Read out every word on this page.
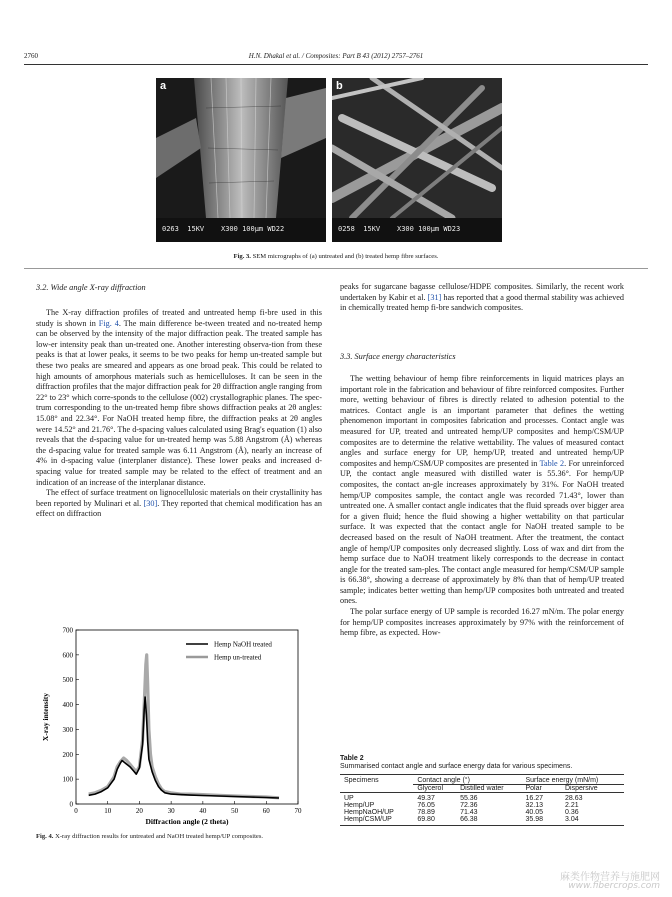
2760	H.N. Dhakal et al. / Composites: Part B 43 (2012) 2757–2761
a
0263  15KV    X300 100μm WD22
b
0258  15KV    X300 100μm WD23
Fig. 3. SEM micrographs of (a) untreated and (b) treated hemp fibre surfaces.
3.2. Wide angle X-ray diffraction

The X-ray diffraction profiles of treated and untreated hemp fi-bre used in this study is shown in Fig. 4. The main difference be-tween treated and no-treated hemp can be observed by the intensity of the major diffraction peak. The treated sample has low-er intensity peak than un-treated one. Another interesting observa-tion from these peaks is that at lower peaks, it seems to be two peaks for hemp un-treated sample but these two peaks are smeared and appears as one broad peak. This could be related to high amounts of amorphous materials such as hemicelluloses. It can be seen in the diffraction profiles that the major diffraction peak for 2θ diffraction angle ranging from 22° to 23° which corre-sponds to the cellulose (002) crystallographic planes. The spec-trum corresponding to the un-treated hemp fibre shows diffraction peaks at 2θ angles: 15.08° and 22.34°. For NaOH treated hemp fibre, the diffraction peaks at 2θ angles were 14.52° and 21.76°. The d-spacing values calculated using Brag's equation (1) also reveals that the d-spacing value for un-treated hemp was 5.88 Angstrom (Å) whereas the d-spacing value for treated sample was 6.11 Angstrom (Å), nearly an increase of 4% in d-spacing value (interplaner distance). These lower peaks and increased d-spacing value for treated sample may be related to the effect of treatment and an indication of an increase of the interplanar distance.

The effect of surface treatment on lignocellulosic materials on their crystallinity has been reported by Mulinari et al. [30]. They reported that chemical modification has an effect on diffraction

0	10	20	30	40	50	60	70
0
100
200
300
400
500
600
700
Diffraction angle (2 theta)
X-ray intensity
Hemp NaOH treated
Hemp un-treated
Fig. 4. X-ray diffraction results for untreated and NaOH treated hemp/UP composites.

peaks for sugarcane bagasse cellulose/HDPE composites. Similarly, the recent work undertaken by Kabir et al. [31] has reported that a good thermal stability was achieved in chemically treated hemp fi-bre sandwich composites.

3.3. Surface energy characteristics

The wetting behaviour of hemp fibre reinforcements in liquid matrices plays an important role in the fabrication and behaviour of fibre reinforced composites. Further more, wetting behaviour of fibres is directly related to adhesion potential to the matrices. Contact angle is an important parameter that defines the wetting phenomenon important in composites fabrication and processes. Contact angle was measured for UP, treated and untreated hemp/UP composites and hemp/CSM/UP composites are to determine the relative wettability. The values of measured contact angles and surface energy for UP, hemp/UP, treated and untreated hemp/UP composites and hemp/CSM/UP composites are presented in Table 2. For unreinforced UP, the contact angle measured with distilled water is 55.36°. For hemp/UP composites, the contact an-gle increases approximately by 31%. For NaOH treated hemp/UP composites sample, the contact angle was recorded 71.43°, lower than untreated one. A smaller contact angle indicates that the fluid spreads over bigger area for a given fluid; hence the fluid showing a higher wettability on that particular surface. It was expected that the contact angle for NaOH treated sample to be decreased based on the result of NaOH treatment. After the treatment, the contact angle of hemp/UP composites only decreased slightly. Loss of wax and dirt from the hemp surface due to NaOH treatment likely corresponds to the decrease in contact angle for the treated sam-ples. The contact angle measured for hemp/CSM/UP sample is 66.38°, showing a decrease of approximately by 8% than that of hemp/UP treated sample; indicates better wetting than hemp/UP composites both untreated and treated ones.

The polar surface energy of UP sample is recorded 16.27 mN/m. The polar energy for hemp/UP composites increases approximately by 97% with the reinforcement of hemp fibre, as expected. How-

Table 2
Summarised contact angle and surface energy data for various specimens.
Specimens	Contact angle (°)		Surface energy (mN/m)	
	Glycerol	Distilled water	Polar	Dispersive
UP	49.37	55.36	16.27	28.63
Hemp/UP	76.05	72.36	32.13	2.21
HempNaOH/UP	78.89	71.43	40.05	0.36
Hemp/CSM/UP	69.80	66.38	35.98	3.04
麻类作物营养与施肥网
www.fibercrops.com
